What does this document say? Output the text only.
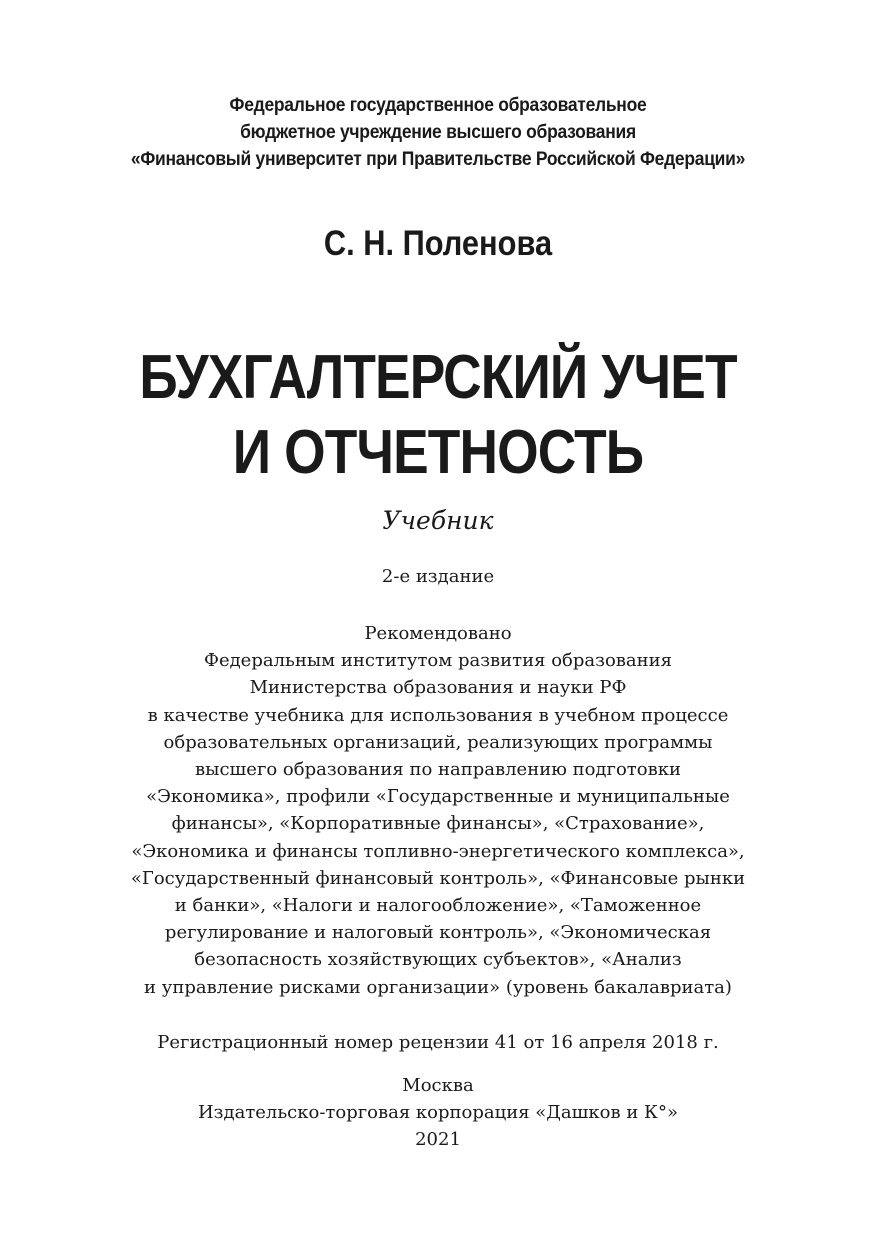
Федеральное государственное образовательное
бюджетное учреждение высшего образования
«Финансовый университет при Правительстве Российской Федерации»
С. Н. Поленова
БУХГАЛТЕРСКИЙ УЧЕТ
И ОТЧЕТНОСТЬ
Учебник
2-е издание
Рекомендовано
Федеральным институтом развития образования
Министерства образования и науки РФ
в качестве учебника для использования в учебном процессе
образовательных организаций, реализующих программы
высшего образования по направлению подготовки
«Экономика», профили «Государственные и муниципальные
финансы», «Корпоративные финансы», «Страхование»,
«Экономика и финансы топливно-энергетического комплекса»,
«Государственный финансовый контроль», «Финансовые рынки
и банки», «Налоги и налогообложение», «Таможенное
регулирование и налоговый контроль», «Экономическая
безопасность хозяйствующих субъектов», «Анализ
и управление рисками организации» (уровень бакалавриата)
Регистрационный номер рецензии 41 от 16 апреля 2018 г.
Москва
Издательско-торговая корпорация «Дашков и К°»
2021
